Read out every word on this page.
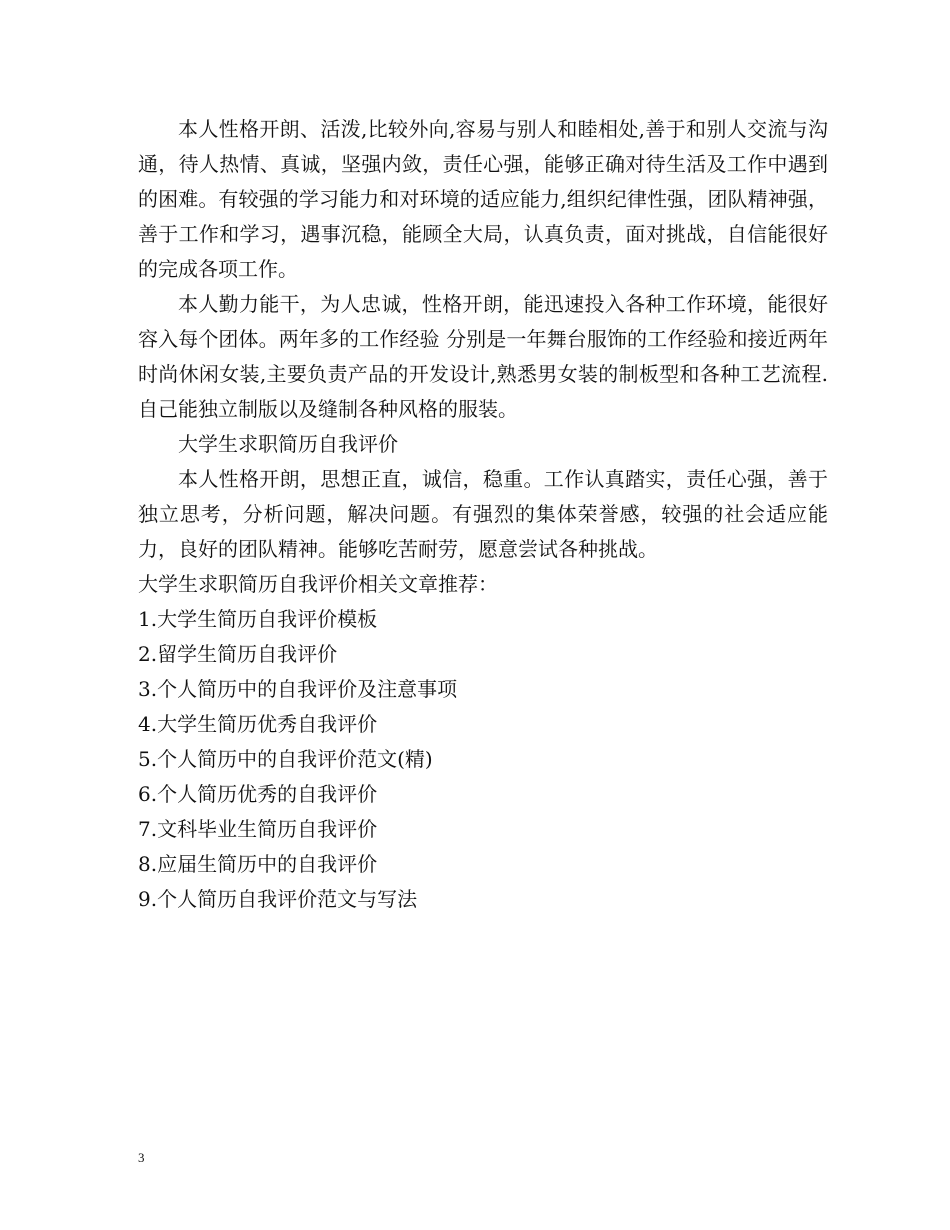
本人性格开朗、活泼,比较外向,容易与别人和睦相处,善于和别人交流与沟通，待人热情、真诚，坚强内敛，责任心强，能够正确对待生活及工作中遇到的困难。有较强的学习能力和对环境的适应能力,组织纪律性强，团队精神强，善于工作和学习，遇事沉稳，能顾全大局，认真负责，面对挑战，自信能很好的完成各项工作。

本人勤力能干，为人忠诚，性格开朗，能迅速投入各种工作环境，能很好容入每个团体。两年多的工作经验 分别是一年舞台服饰的工作经验和接近两年时尚休闲女装,主要负责产品的开发设计,熟悉男女装的制板型和各种工艺流程.自己能独立制版以及缝制各种风格的服装。

大学生求职简历自我评价

本人性格开朗，思想正直，诚信，稳重。工作认真踏实，责任心强，善于独立思考，分析问题，解决问题。有强烈的集体荣誉感，较强的社会适应能力，良好的团队精神。能够吃苦耐劳，愿意尝试各种挑战。

大学生求职简历自我评价相关文章推荐：

1.大学生简历自我评价模板
2.留学生简历自我评价
3.个人简历中的自我评价及注意事项
4.大学生简历优秀自我评价
5.个人简历中的自我评价范文(精)
6.个人简历优秀的自我评价
7.文科毕业生简历自我评价
8.应届生简历中的自我评价
9.个人简历自我评价范文与写法
3
